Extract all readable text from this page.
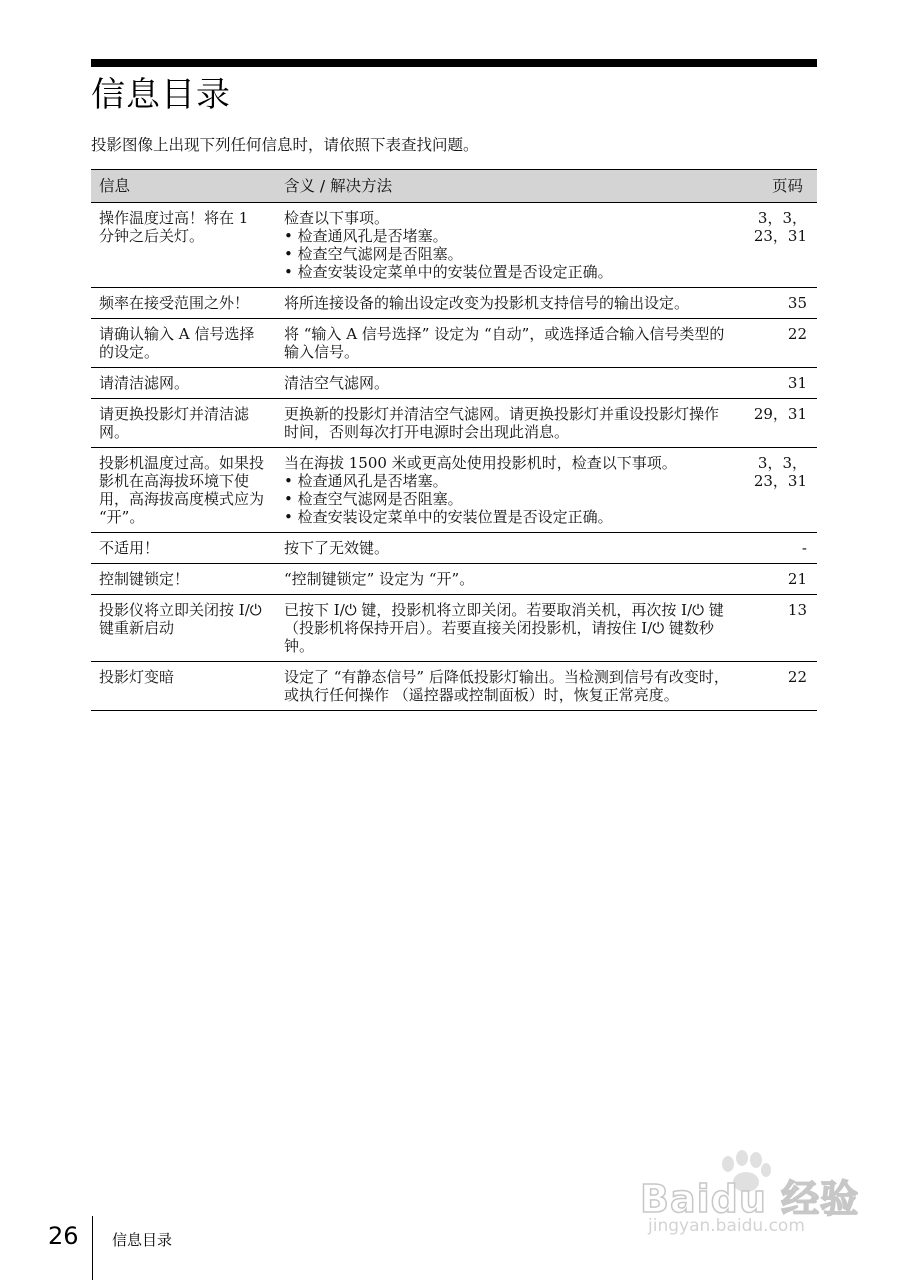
信息目录
投影图像上出现下列任何信息时，请依照下表查找问题。
信息	含义 / 解决方法	页码
操作温度过高！将在 1 分钟之后关灯。	检查以下事项。
• 检查通风孔是否堵塞。
• 检查空气滤网是否阻塞。
• 检查安装设定菜单中的安装位置是否设定正确。	3，3，
23，31
频率在接受范围之外！	将所连接设备的输出设定改变为投影机支持信号的输出设定。	35
请确认输入 A 信号选择的设定。	将 “输入 A 信号选择” 设定为 “自动”，或选择适合输入信号类型的输入信号。	22
请清洁滤网。	清洁空气滤网。	31
请更换投影灯并清洁滤网。	更换新的投影灯并清洁空气滤网。请更换投影灯并重设投影灯操作时间，否则每次打开电源时会出现此消息。	29，31
投影机温度过高。如果投影机在高海拔环境下使用，高海拔高度模式应为 “开”。	当在海拔 1500 米或更高处使用投影机时，检查以下事项。
• 检查通风孔是否堵塞。
• 检查空气滤网是否阻塞。
• 检查安装设定菜单中的安装位置是否设定正确。	3，3，
23，31
不适用！	按下了无效键。	-
控制键锁定！	“控制键锁定” 设定为 “开”。	21
投影仪将立即关闭按 I/⏻ 键重新启动	已按下 I/⏻ 键，投影机将立即关闭。若要取消关机，再次按 I/⏻ 键 （投影机将保持开启）。若要直接关闭投影机，请按住 I/⏻ 键数秒钟。	13
投影灯变暗	设定了 “有静态信号” 后降低投影灯输出。当检测到信号有改变时，或执行任何操作 （遥控器或控制面板）时，恢复正常亮度。	22
26 信息目录
Baidu 经验
jingyan.baidu.com
